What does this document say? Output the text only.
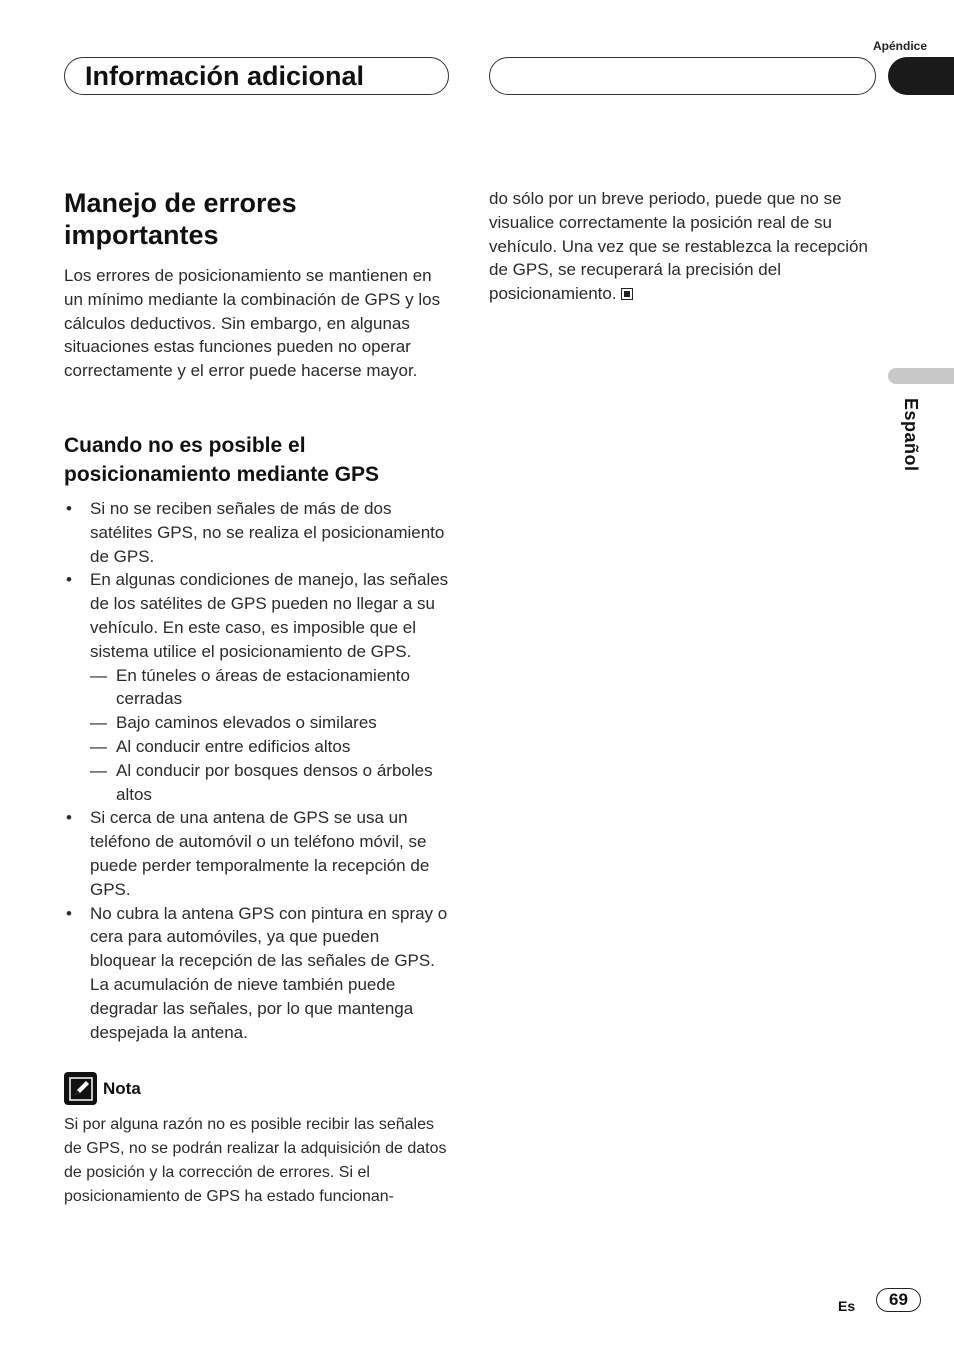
Apéndice
Información adicional
Español
Manejo de errores importantes

Los errores de posicionamiento se mantienen en un mínimo mediante la combinación de GPS y los cálculos deductivos. Sin embargo, en algunas situaciones estas funciones pueden no operar correctamente y el error puede hacerse mayor.

Cuando no es posible el posicionamiento mediante GPS
• Si no se reciben señales de más de dos satélites GPS, no se realiza el posicionamiento de GPS.
• En algunas condiciones de manejo, las señales de los satélites de GPS pueden no llegar a su vehículo. En este caso, es imposible que el sistema utilice el posicionamiento de GPS.
— En túneles o áreas de estacionamiento cerradas
— Bajo caminos elevados o similares
— Al conducir entre edificios altos
— Al conducir por bosques densos o árboles altos
• Si cerca de una antena de GPS se usa un teléfono de automóvil o un teléfono móvil, se puede perder temporalmente la recepción de GPS.
• No cubra la antena GPS con pintura en spray o cera para automóviles, ya que pueden bloquear la recepción de las señales de GPS. La acumulación de nieve también puede degradar las señales, por lo que mantenga despejada la antena.
Nota
Si por alguna razón no es posible recibir las señales de GPS, no se podrán realizar la adquisición de datos de posición y la corrección de errores. Si el posicionamiento de GPS ha estado funcionan-

do sólo por un breve periodo, puede que no se visualice correctamente la posición real de su vehículo. Una vez que se restablezca la recepción de GPS, se recuperará la precisión del posicionamiento.

Es	69
